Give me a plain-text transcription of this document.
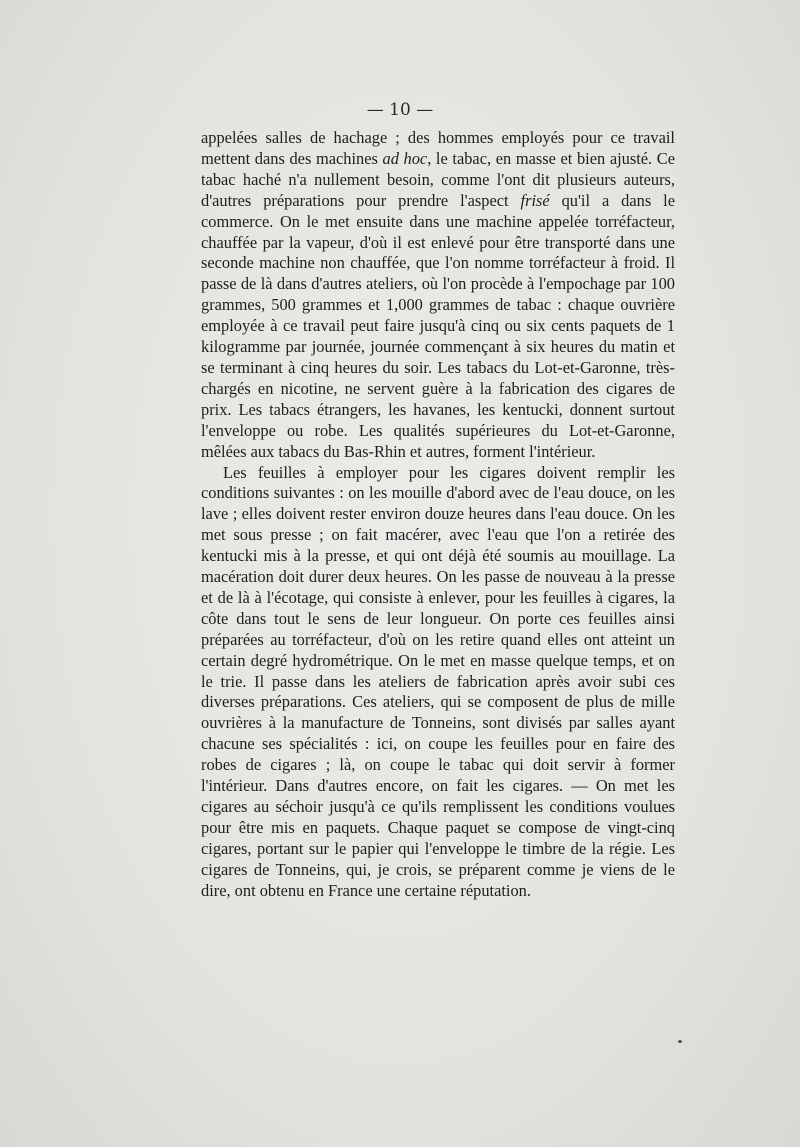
— 10 —

appelées salles de hachage ; des hommes employés pour ce travail mettent dans des machines ad hoc, le tabac, en masse et bien ajusté. Ce tabac haché n'a nullement besoin, comme l'ont dit plusieurs auteurs, d'autres préparations pour prendre l'aspect frisé qu'il a dans le commerce. On le met ensuite dans une machine appelée torréfacteur, chauffée par la vapeur, d'où il est enlevé pour être transporté dans une seconde machine non chauffée, que l'on nomme torréfacteur à froid. Il passe de là dans d'autres ateliers, où l'on procède à l'empochage par 100 grammes, 500 grammes et 1,000 grammes de tabac : chaque ouvrière employée à ce travail peut faire jusqu'à cinq ou six cents paquets de 1 kilogramme par journée, journée commençant à six heures du matin et se terminant à cinq heures du soir. Les tabacs du Lot-et-Garonne, très-chargés en nicotine, ne servent guère à la fabrication des cigares de prix. Les tabacs étrangers, les havanes, les kentucki, donnent surtout l'enveloppe ou robe. Les qualités supérieures du Lot-et-Garonne, mêlées aux tabacs du Bas-Rhin et autres, forment l'intérieur.

Les feuilles à employer pour les cigares doivent remplir les conditions suivantes : on les mouille d'abord avec de l'eau douce, on les lave ; elles doivent rester environ douze heures dans l'eau douce. On les met sous presse ; on fait macérer, avec l'eau que l'on a retirée des kentucki mis à la presse, et qui ont déjà été soumis au mouillage. La macération doit durer deux heures. On les passe de nouveau à la presse et de là à l'écotage, qui consiste à enlever, pour les feuilles à cigares, la côte dans tout le sens de leur longueur. On porte ces feuilles ainsi préparées au torréfacteur, d'où on les retire quand elles ont atteint un certain degré hydrométrique. On le met en masse quelque temps, et on le trie. Il passe dans les ateliers de fabrication après avoir subi ces diverses préparations. Ces ateliers, qui se composent de plus de mille ouvrières à la manufacture de Tonneins, sont divisés par salles ayant chacune ses spécialités : ici, on coupe les feuilles pour en faire des robes de cigares ; là, on coupe le tabac qui doit servir à former l'intérieur. Dans d'autres encore, on fait les cigares. — On met les cigares au séchoir jusqu'à ce qu'ils remplissent les conditions voulues pour être mis en paquets. Chaque paquet se compose de vingt-cinq cigares, portant sur le papier qui l'enveloppe le timbre de la régie. Les cigares de Tonneins, qui, je crois, se préparent comme je viens de le dire, ont obtenu en France une certaine réputation.
